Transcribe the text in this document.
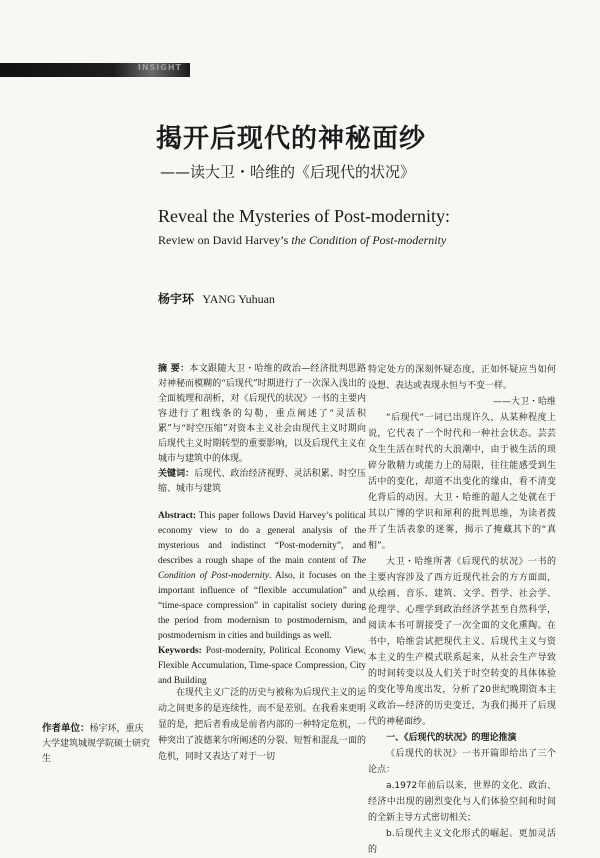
INSIGHT
揭开后现代的神秘面纱
——读大卫・哈维的《后现代的状况》
Reveal the Mysteries of Post-modernity:
Review on David Harvey’s the Condition of Post-modernity
杨宇环 YANG Yuhuan

摘 要：本文跟随大卫・哈维的政治—经济批判思路对神秘而模糊的“后现代”时期进行了一次深入浅出的全面梳理和剖析，对《后现代的状况》一书的主要内容进行了粗线条的勾勒，重点阐述了“灵活积累”与“时空压缩”对资本主义社会由现代主义时期向后现代主义时期转型的重要影响，以及后现代主义在城市与建筑中的体现。

关键词：后现代、政治经济视野、灵活积累、时空压缩、城市与建筑

Abstract: This paper follows David Harvey’s political economy view to do a general analysis of the mysterious and indistinct “Post-modernity”, and describes a rough shape of the main content of The Condition of Post-modernity. Also, it focuses on the important influence of “flexible accumulation” and “time-space compression” in capitalist society during the period from modernism to postmodernism, and postmodernism in cities and buildings as well.

Keywords: Post-modernity, Political Economy View, Flexible Accumulation, Time-space Compression, City and Building

在现代主义广泛的历史与被称为后现代主义的运动之间更多的是连续性，而不是差别。在我看来更明显的是，把后者看成是前者内部的一种特定危机，一种突出了波德莱尔所阐述的分裂、短暂和混乱一面的危机，同时又表达了对于一切

作者单位：杨宇环，重庆大学建筑城规学院硕士研究生

特定处方的深刻怀疑态度，正如怀疑应当如何设想、表达或表现永恒与不变一样。

——大卫・哈维

“后现代”一词已出现许久，从某种程度上说，它代表了一个时代和一种社会状态。芸芸众生生活在时代的大浪潮中，由于被生活的琐碎分散精力或能力上的局限，往往能感受到生活中的变化，却道不出变化的缘由，看不清变化背后的动因。大卫・哈维的超人之处就在于其以广博的学识和犀利的批判思维，为读者拨开了生活表象的迷雾，揭示了掩藏其下的“真相”。

大卫・哈维所著《后现代的状况》一书的主要内容涉及了西方近现代社会的方方面面，从绘画、音乐、建筑、文学、哲学、社会学、伦理学、心理学到政治经济学甚至自然科学，阅读本书可谓接受了一次全面的文化熏陶。在书中，哈维尝试把现代主义、后现代主义与资本主义的生产模式联系起来，从社会生产导致的时间转变以及人们关于时空转变的具体体验的变化等角度出发，分析了20世纪晚期资本主义政治—经济的历史变迁，为我们揭开了后现代的神秘面纱。

一、《后现代的状况》的理论推演

《后现代的状况》一书开篇即给出了三个论点：

a.1972年前后以来，世界的文化、政治、经济中出现的剧烈变化与人们体验空间和时间的全新主导方式密切相关；

b.后现代主义文化形式的崛起、更加灵活的
